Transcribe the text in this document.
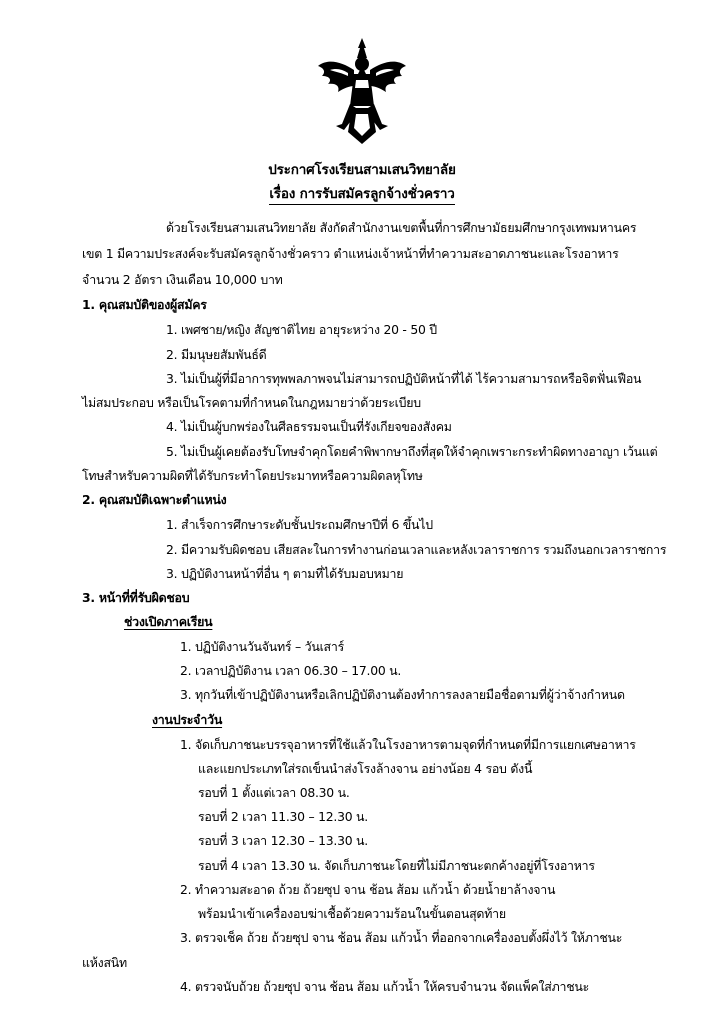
ประกาศโรงเรียนสามเสนวิทยาลัย
เรื่อง การรับสมัครลูกจ้างชั่วคราว
ด้วยโรงเรียนสามเสนวิทยาลัย สังกัดสำนักงานเขตพื้นที่การศึกษามัธยมศึกษากรุงเทพมหานคร
เขต 1 มีความประสงค์จะรับสมัครลูกจ้างชั่วคราว ตำแหน่งเจ้าหน้าที่ทำความสะอาดภาชนะและโรงอาหาร
จำนวน 2 อัตรา เงินเดือน 10,000 บาท
1. คุณสมบัติของผู้สมัคร
1. เพศชาย/หญิง สัญชาติไทย อายุระหว่าง 20 - 50 ปี
2. มีมนุษยสัมพันธ์ดี
3. ไม่เป็นผู้ที่มีอาการทุพพลภาพจนไม่สามารถปฏิบัติหน้าที่ได้ ไร้ความสามารถหรือจิตฟั่นเฟือน
ไม่สมประกอบ หรือเป็นโรคตามที่กำหนดในกฎหมายว่าด้วยระเบียบ
4. ไม่เป็นผู้บกพร่องในศีลธรรมจนเป็นที่รังเกียจของสังคม
5. ไม่เป็นผู้เคยต้องรับโทษจำคุกโดยคำพิพากษาถึงที่สุดให้จำคุกเพราะกระทำผิดทางอาญา เว้นแต่
โทษสำหรับความผิดที่ได้รับกระทำโดยประมาทหรือความผิดลหุโทษ
2. คุณสมบัติเฉพาะตำแหน่ง
1. สำเร็จการศึกษาระดับชั้นประถมศึกษาปีที่ 6 ขึ้นไป
2. มีความรับผิดชอบ เสียสละในการทำงานก่อนเวลาและหลังเวลาราชการ รวมถึงนอกเวลาราชการ
3. ปฏิบัติงานหน้าที่อื่น ๆ ตามที่ได้รับมอบหมาย
3. หน้าที่ที่รับผิดชอบ
ช่วงเปิดภาคเรียน
1. ปฏิบัติงานวันจันทร์ – วันเสาร์
2. เวลาปฏิบัติงาน เวลา 06.30 – 17.00 น.
3. ทุกวันที่เข้าปฏิบัติงานหรือเลิกปฏิบัติงานต้องทำการลงลายมือชื่อตามที่ผู้ว่าจ้างกำหนด
งานประจำวัน
1. จัดเก็บภาชนะบรรจุอาหารที่ใช้แล้วในโรงอาหารตามจุดที่กำหนดที่มีการแยกเศษอาหาร
และแยกประเภทใส่รถเข็นนำส่งโรงล้างจาน อย่างน้อย 4 รอบ ดังนี้
รอบที่ 1 ตั้งแต่เวลา 08.30 น.
รอบที่ 2 เวลา 11.30 – 12.30 น.
รอบที่ 3 เวลา 12.30 – 13.30 น.
รอบที่ 4 เวลา 13.30 น. จัดเก็บภาชนะโดยที่ไม่มีภาชนะตกค้างอยู่ที่โรงอาหาร
2. ทำความสะอาด ถ้วย ถ้วยซุป จาน ช้อน ส้อม แก้วน้ำ ด้วยน้ำยาล้างจาน
พร้อมนำเข้าเครื่องอบฆ่าเชื้อด้วยความร้อนในขั้นตอนสุดท้าย
3. ตรวจเช็ค ถ้วย ถ้วยซุป จาน ช้อน ส้อม แก้วน้ำ ที่ออกจากเครื่องอบตั้งผึ่งไว้ ให้ภาชนะ
แห้งสนิท
4. ตรวจนับถ้วย ถ้วยซุป จาน ช้อน ส้อม แก้วน้ำ ให้ครบจำนวน จัดแพ็คใส่ภาชนะ
